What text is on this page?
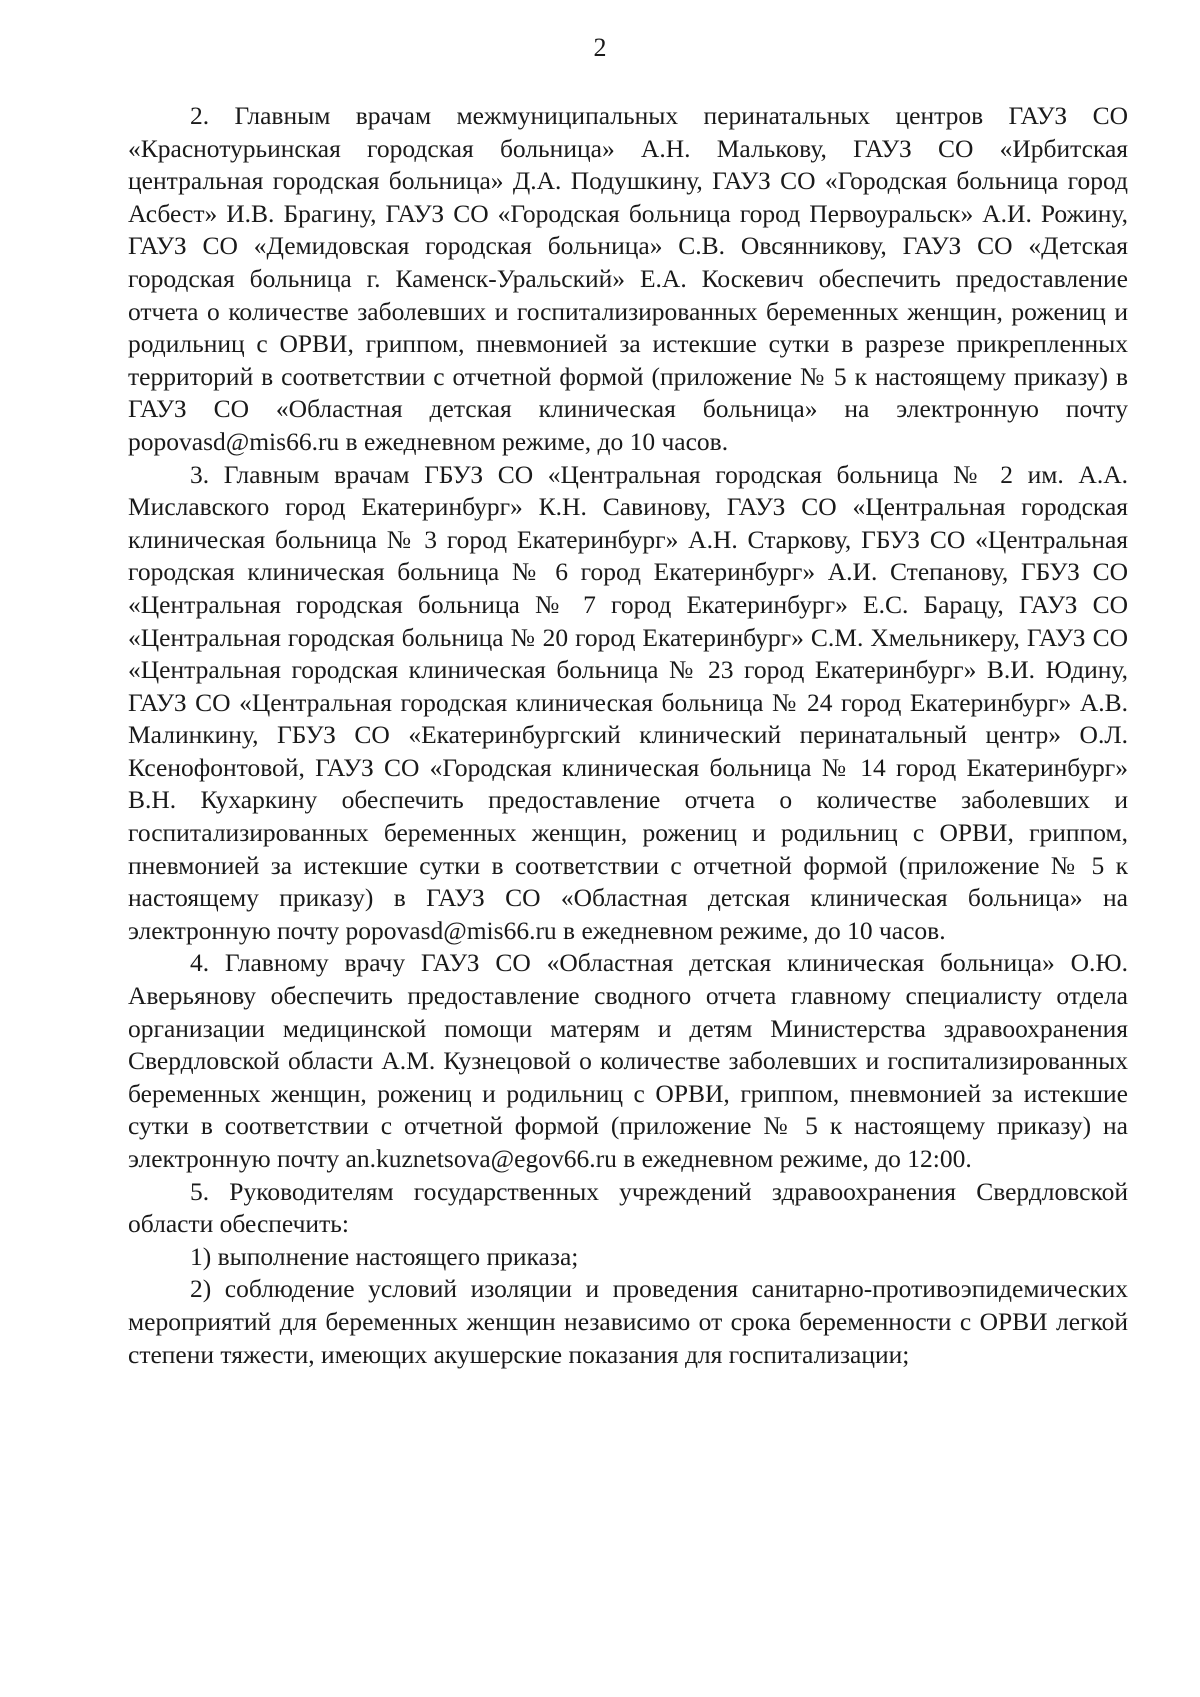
2

2. Главным врачам межмуниципальных перинатальных центров ГАУЗ СО «Краснотурьинская городская больница» А.Н. Малькову, ГАУЗ СО «Ирбитская центральная городская больница» Д.А. Подушкину, ГАУЗ СО «Городская больница город Асбест» И.В. Брагину, ГАУЗ СО «Городская больница город Первоуральск» А.И. Рожину, ГАУЗ СО «Демидовская городская больница» С.В. Овсянникову, ГАУЗ СО «Детская городская больница г. Каменск-Уральский» Е.А. Коскевич обеспечить предоставление отчета о количестве заболевших и госпитализированных беременных женщин, рожениц и родильниц с ОРВИ, гриппом, пневмонией за истекшие сутки в разрезе прикрепленных территорий в соответствии с отчетной формой (приложение № 5 к настоящему приказу) в ГАУЗ СО «Областная детская клиническая больница» на электронную почту popovasd@mis66.ru в ежедневном режиме, до 10 часов.

3. Главным врачам ГБУЗ СО «Центральная городская больница № 2 им. А.А. Миславского город Екатеринбург» К.Н. Савинову, ГАУЗ СО «Центральная городская клиническая больница № 3 город Екатеринбург» А.Н. Старкову, ГБУЗ СО «Центральная городская клиническая больница № 6 город Екатеринбург» А.И. Степанову, ГБУЗ СО «Центральная городская больница № 7 город Екатеринбург» Е.С. Барацу, ГАУЗ СО «Центральная городская больница № 20 город Екатеринбург» С.М. Хмельникеру, ГАУЗ СО «Центральная городская клиническая больница № 23 город Екатеринбург» В.И. Юдину, ГАУЗ СО «Центральная городская клиническая больница № 24 город Екатеринбург» А.В. Малинкину, ГБУЗ СО «Екатеринбургский клинический перинатальный центр» О.Л. Ксенофонтовой, ГАУЗ СО «Городская клиническая больница № 14 город Екатеринбург» В.Н. Кухаркину обеспечить предоставление отчета о количестве заболевших и госпитализированных беременных женщин, рожениц и родильниц с ОРВИ, гриппом, пневмонией за истекшие сутки в соответствии с отчетной формой (приложение № 5 к настоящему приказу) в ГАУЗ СО «Областная детская клиническая больница» на электронную почту popovasd@mis66.ru в ежедневном режиме, до 10 часов.

4. Главному врачу ГАУЗ СО «Областная детская клиническая больница» О.Ю. Аверьянову обеспечить предоставление сводного отчета главному специалисту отдела организации медицинской помощи матерям и детям Министерства здравоохранения Свердловской области А.М. Кузнецовой о количестве заболевших и госпитализированных беременных женщин, рожениц и родильниц с ОРВИ, гриппом, пневмонией за истекшие сутки в соответствии с отчетной формой (приложение № 5 к настоящему приказу) на электронную почту an.kuznetsova@egov66.ru в ежедневном режиме, до 12:00.

5. Руководителям государственных учреждений здравоохранения Свердловской области обеспечить:

1) выполнение настоящего приказа;

2) соблюдение условий изоляции и проведения санитарно-противоэпидемических мероприятий для беременных женщин независимо от срока беременности с ОРВИ легкой степени тяжести, имеющих акушерские показания для госпитализации;
